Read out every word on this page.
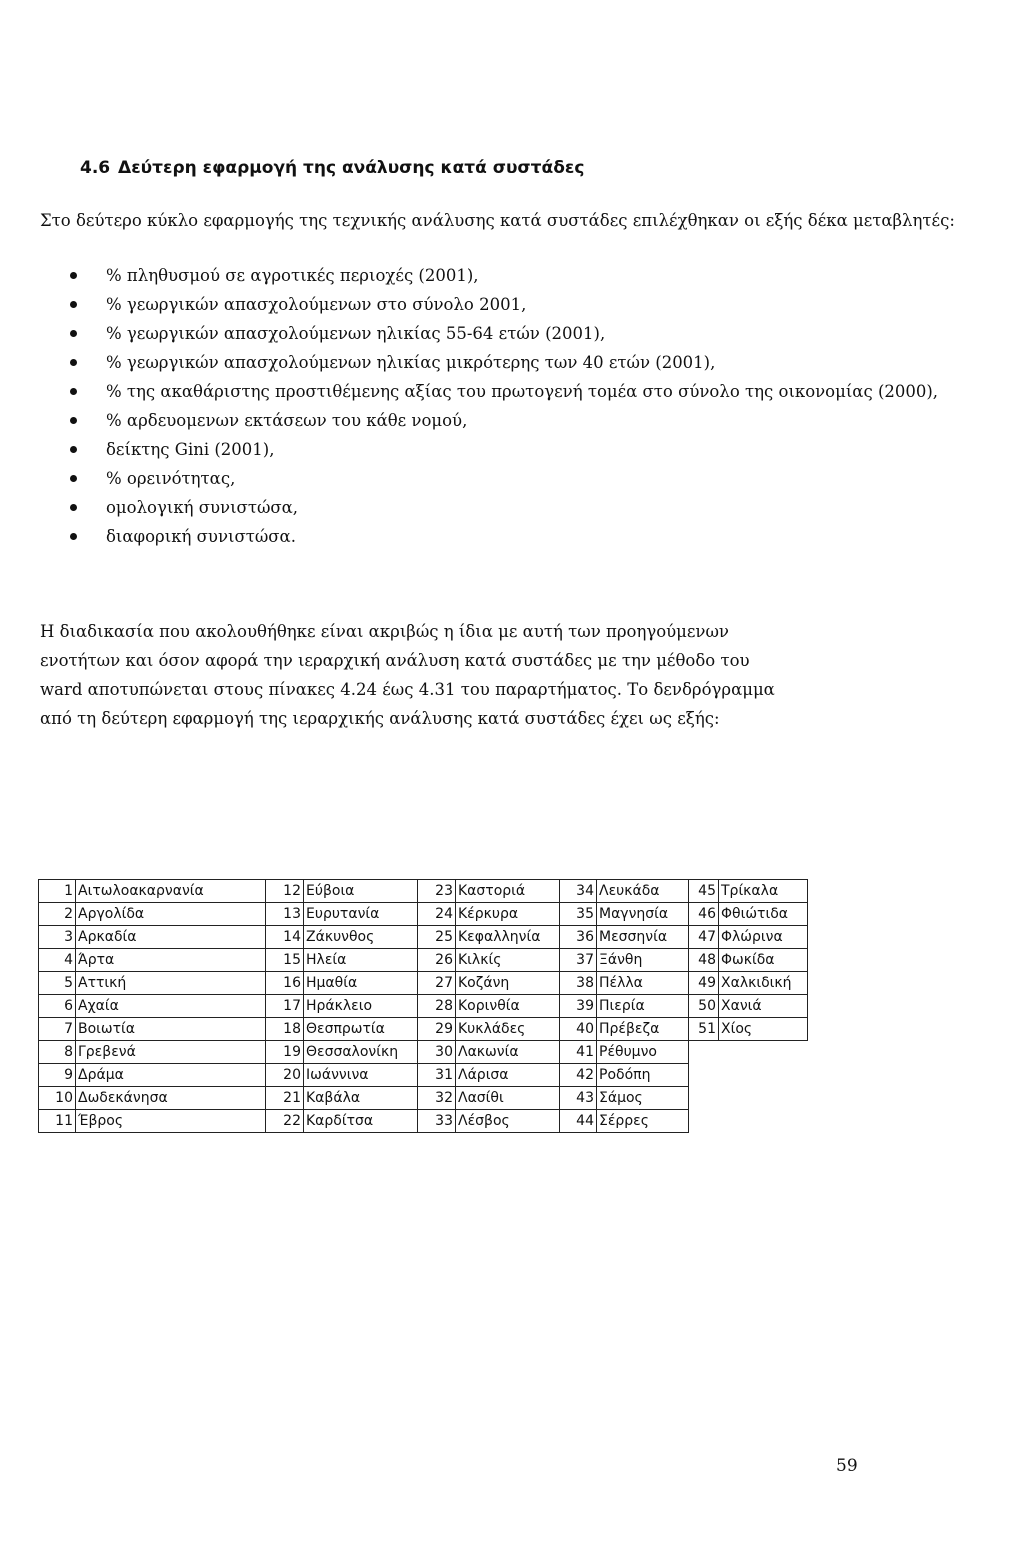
4.6 Δεύτερη εφαρμογή της ανάλυσης κατά συστάδες
Στο δεύτερο κύκλο εφαρμογής της τεχνικής ανάλυσης κατά συστάδες επιλέχθηκαν οι εξής δέκα μεταβλητές:
% πληθυσμού σε αγροτικές περιοχές (2001),
% γεωργικών απασχολούμενων στο σύνολο 2001,
% γεωργικών απασχολούμενων ηλικίας 55-64 ετών (2001),
% γεωργικών απασχολούμενων ηλικίας μικρότερης των 40 ετών (2001),
% της ακαθάριστης προστιθέμενης αξίας του πρωτογενή τομέα στο σύνολο της οικονομίας (2000),
% αρδευομενων εκτάσεων του κάθε νομού,
δείκτης Gini (2001),
% ορεινότητας,
ομολογική συνιστώσα,
διαφορική συνιστώσα.
Η διαδικασία που ακολουθήθηκε είναι ακριβώς η ίδια με αυτή των προηγούμενων
ενοτήτων και όσον αφορά την ιεραρχική ανάλυση κατά συστάδες με την μέθοδο του
ward αποτυπώνεται στους πίνακες 4.24 έως 4.31 του παραρτήματος. Το δενδρόγραμμα
από τη δεύτερη εφαρμογή της ιεραρχικής ανάλυσης κατά συστάδες έχει ως εξής:
1	Αιτωλοακαρνανία	12	Εύβοια	23	Καστοριά	34	Λευκάδα	45	Τρίκαλα
2	Αργολίδα	13	Ευρυτανία	24	Κέρκυρα	35	Μαγνησία	46	Φθιώτιδα
3	Αρκαδία	14	Ζάκυνθος	25	Κεφαλληνία	36	Μεσσηνία	47	Φλώρινα
4	Άρτα	15	Ηλεία	26	Κιλκίς	37	Ξάνθη	48	Φωκίδα
5	Αττική	16	Ημαθία	27	Κοζάνη	38	Πέλλα	49	Χαλκιδική
6	Αχαία	17	Ηράκλειο	28	Κορινθία	39	Πιερία	50	Χανιά
7	Βοιωτία	18	Θεσπρωτία	29	Κυκλάδες	40	Πρέβεζα	51	Χίος
8	Γρεβενά	19	Θεσσαλονίκη	30	Λακωνία	41	Ρέθυμνο		
9	Δράμα	20	Ιωάννινα	31	Λάρισα	42	Ροδόπη		
10	Δωδεκάνησα	21	Καβάλα	32	Λασίθι	43	Σάμος		
11	Έβρος	22	Καρδίτσα	33	Λέσβος	44	Σέρρες		
59
